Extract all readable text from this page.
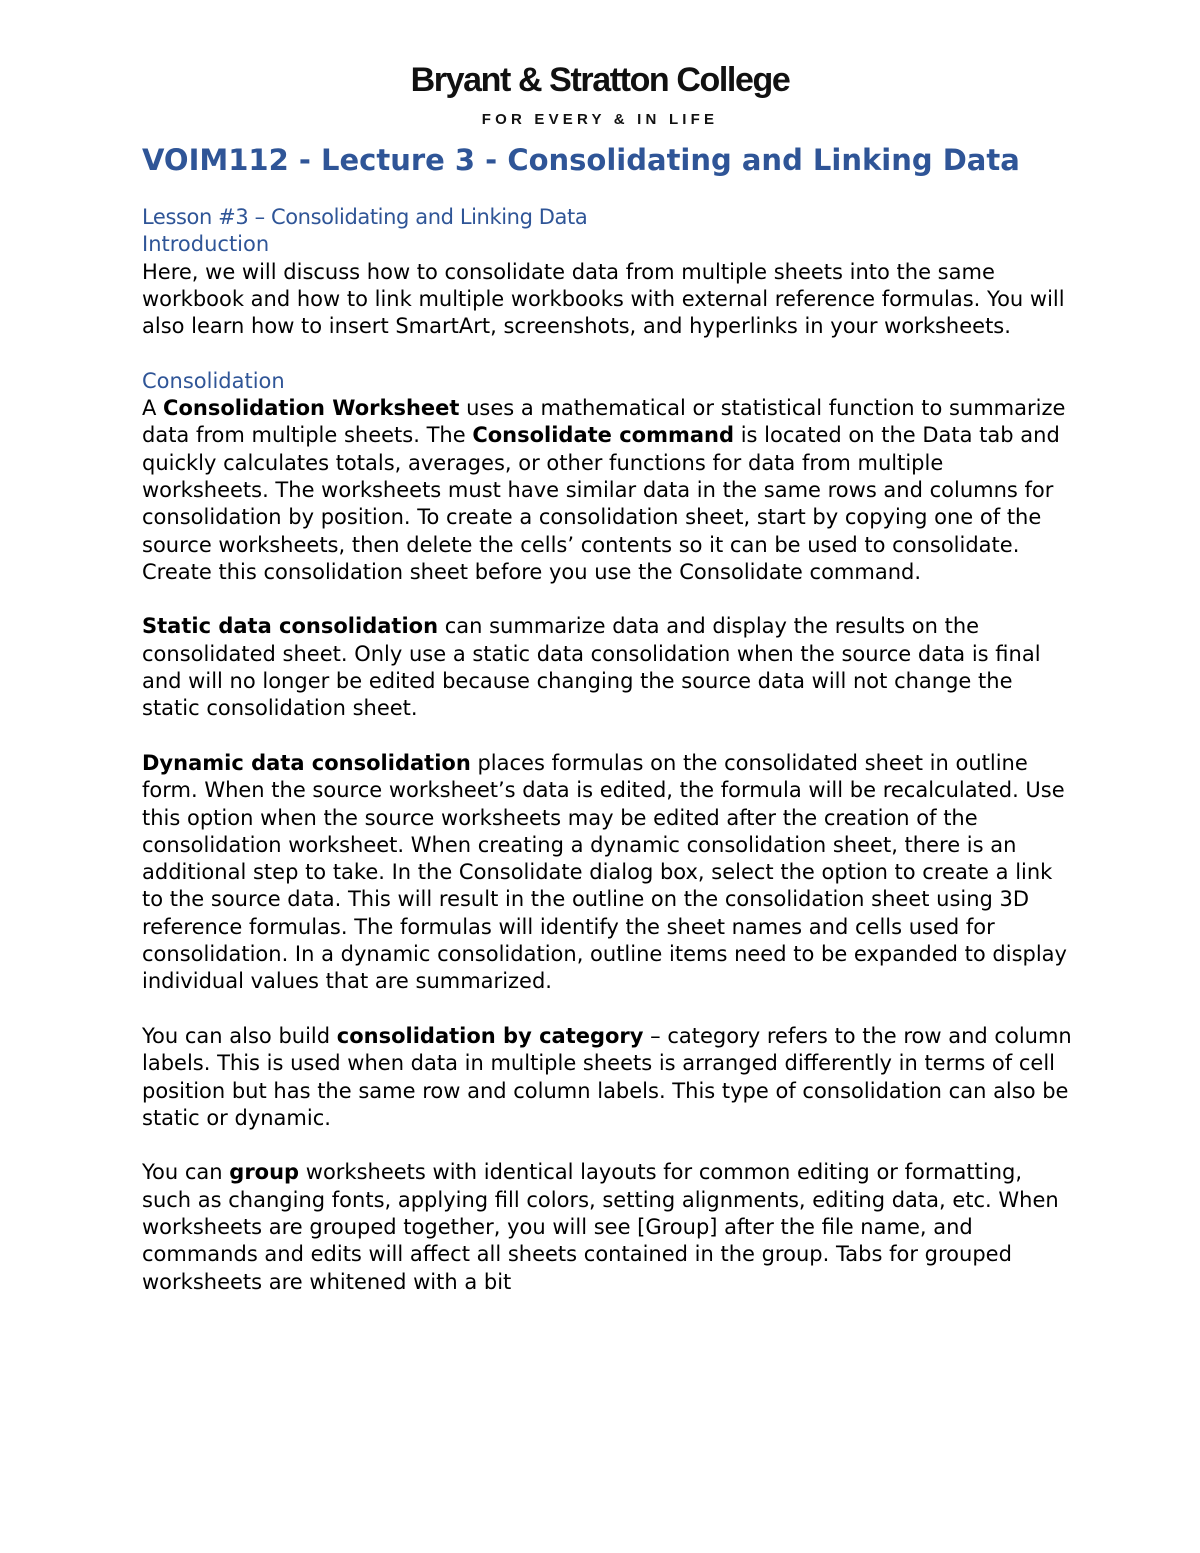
Bryant & Stratton College
FOR EVERY & IN LIFE
VOIM112 - Lecture 3 - Consolidating and Linking Data

Lesson #3 – Consolidating and Linking Data

Introduction

Here, we will discuss how to consolidate data from multiple sheets into the same workbook and how to link multiple workbooks with external reference formulas. You will also learn how to insert SmartArt, screenshots, and hyperlinks in your worksheets.

Consolidation

A Consolidation Worksheet uses a mathematical or statistical function to summarize data from multiple sheets. The Consolidate command is located on the Data tab and quickly calculates totals, averages, or other functions for data from multiple worksheets. The worksheets must have similar data in the same rows and columns for consolidation by position. To create a consolidation sheet, start by copying one of the source worksheets, then delete the cells’ contents so it can be used to consolidate. Create this consolidation sheet before you use the Consolidate command.

Static data consolidation can summarize data and display the results on the consolidated sheet. Only use a static data consolidation when the source data is final and will no longer be edited because changing the source data will not change the static consolidation sheet.

Dynamic data consolidation places formulas on the consolidated sheet in outline form. When the source worksheet’s data is edited, the formula will be recalculated. Use this option when the source worksheets may be edited after the creation of the consolidation worksheet. When creating a dynamic consolidation sheet, there is an additional step to take. In the Consolidate dialog box, select the option to create a link to the source data. This will result in the outline on the consolidation sheet using 3D reference formulas. The formulas will identify the sheet names and cells used for consolidation. In a dynamic consolidation, outline items need to be expanded to display individual values that are summarized.

You can also build consolidation by category – category refers to the row and column labels. This is used when data in multiple sheets is arranged differently in terms of cell position but has the same row and column labels. This type of consolidation can also be static or dynamic.

You can group worksheets with identical layouts for common editing or formatting, such as changing fonts, applying fill colors, setting alignments, editing data, etc. When worksheets are grouped together, you will see [Group] after the file name, and commands and edits will affect all sheets contained in the group. Tabs for grouped worksheets are whitened with a bit
